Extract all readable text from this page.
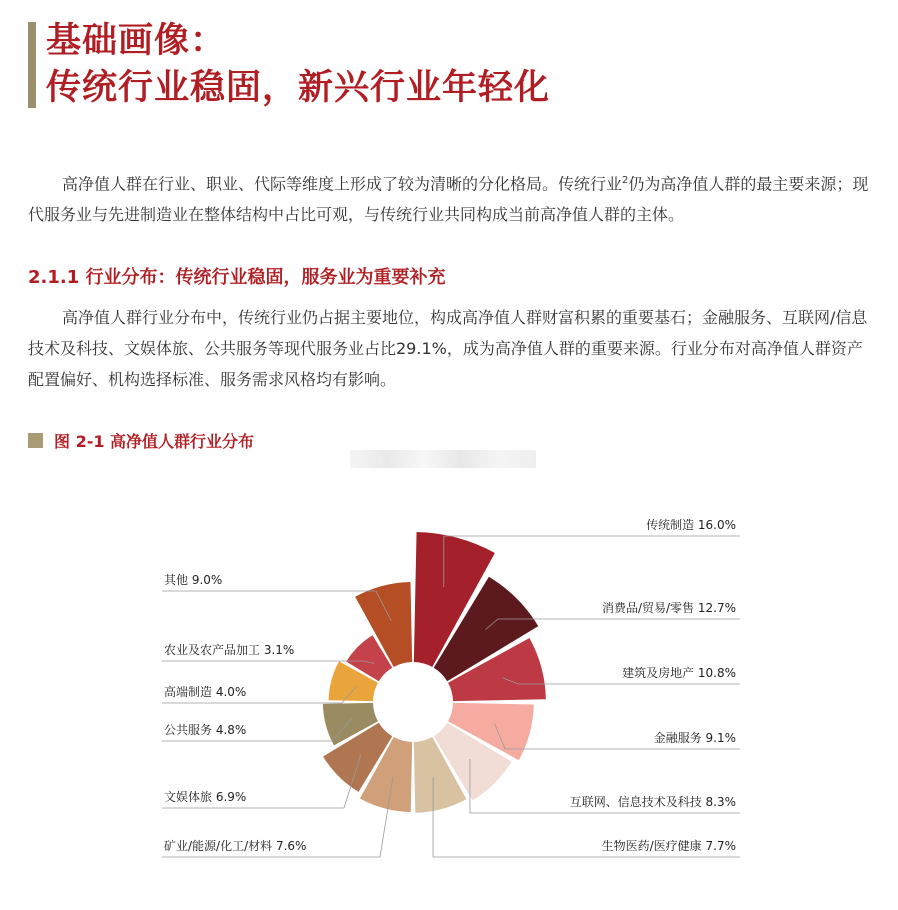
基础画像：
传统行业稳固，新兴行业年轻化
高净值人群在行业、职业、代际等维度上形成了较为清晰的分化格局。传统行业$^2$仍为高净值人群的最主要来源；现代服务业与先进制造业在整体结构中占比可观，与传统行业共同构成当前高净值人群的主体。
2.1.1 行业分布：传统行业稳固，服务业为重要补充
高净值人群行业分布中，传统行业仍占据主要地位，构成高净值人群财富积累的重要基石；金融服务、互联网/信息技术及科技、文娱体旅、公共服务等现代服务业占比29.1%，成为高净值人群的重要来源。行业分布对高净值人群资产配置偏好、机构选择标准、服务需求风格均有影响。
图 2-1 高净值人群行业分布
传统制造 16.0%
消费品/贸易/零售 12.7%
建筑及房地产 10.8%
金融服务 9.1%
互联网、信息技术及科技 8.3%
生物医药/医疗健康 7.7%
矿业/能源/化工/材料 7.6%
文娱体旅 6.9%
公共服务 4.8%
高端制造 4.0%
农业及农产品加工 3.1%
其他 9.0%
